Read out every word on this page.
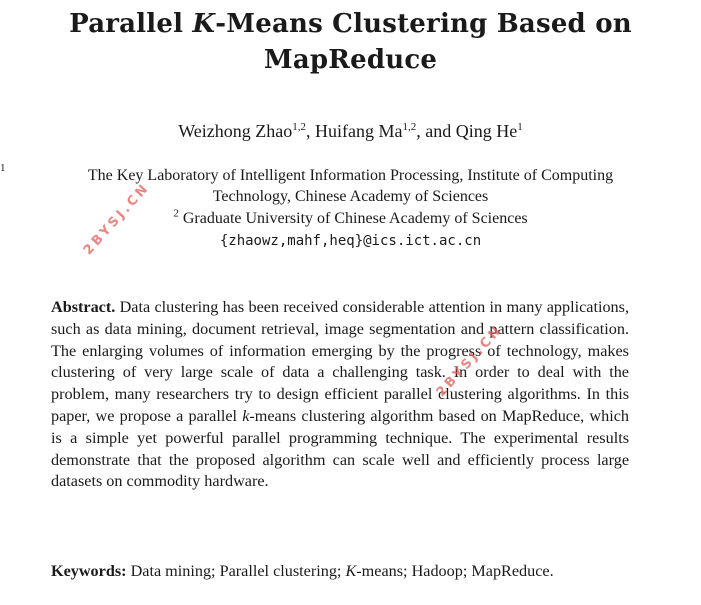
Parallel K-Means Clustering Based on
MapReduce
Weizhong Zhao$^{1,2}$, Huifang Ma$^{1,2}$, and Qing He$^1$
1	The Key Laboratory of Intelligent Information Processing, Institute of Computing
Technology, Chinese Academy of Sciences
$^2$ Graduate University of Chinese Academy of Sciences
{zhaowz,mahf,heq}@ics.ict.ac.cn
Abstract. Data clustering has been received considerable attention in many applications, such as data mining, document retrieval, image segmentation and pattern classification. The enlarging volumes of information emerging by the progress of technology, makes clustering of very large scale of data a challenging task. In order to deal with the problem, many researchers try to design efficient parallel clustering algorithms. In this paper, we propose a parallel k-means clustering algorithm based on MapReduce, which is a simple yet powerful parallel programming technique. The experimental results demonstrate that the proposed algorithm can scale well and efficiently process large datasets on commodity hardware.
Keywords: Data mining; Parallel clustering; K-means; Hadoop; MapReduce.
2BYSJ.CN
2BYSJ.CN
